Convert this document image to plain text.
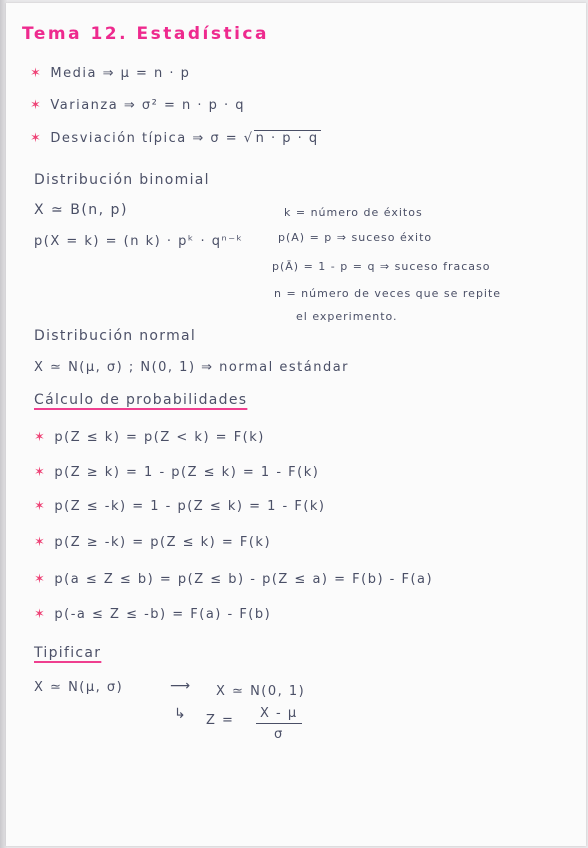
Tema 12. Estadística
✶ Media ⇒ μ = n · p
✶ Varianza ⇒ σ² = n · p · q
✶ Desviación típica ⇒ σ = √ n · p · q
Distribución binomial
X ≃ B(n, p)
p(X = k) = (n k) · pᵏ · qⁿ⁻ᵏ
k = número de éxitos
p(A) = p ⇒ suceso éxito
p(Ā) = 1 - p = q ⇒ suceso fracaso
n = número de veces que se repite
el experimento.
Distribución normal
X ≃ N(μ, σ) ; N(0, 1) ⇒ normal estándar
Cálculo de probabilidades
✶ p(Z ≤ k) = p(Z < k) = F(k)
✶ p(Z ≥ k) = 1 - p(Z ≤ k) = 1 - F(k)
✶ p(Z ≤ -k) = 1 - p(Z ≤ k) = 1 - F(k)
✶ p(Z ≥ -k) = p(Z ≤ k) = F(k)
✶ p(a ≤ Z ≤ b) = p(Z ≤ b) - p(Z ≤ a) = F(b) - F(a)
✶ p(-a ≤ Z ≤ -b) = F(a) - F(b)
Tipificar
X ≃ N(μ, σ)	⟶ X ≃ N(0, 1)
↳ $Z = \frac{X - \mu}{\sigma}$
